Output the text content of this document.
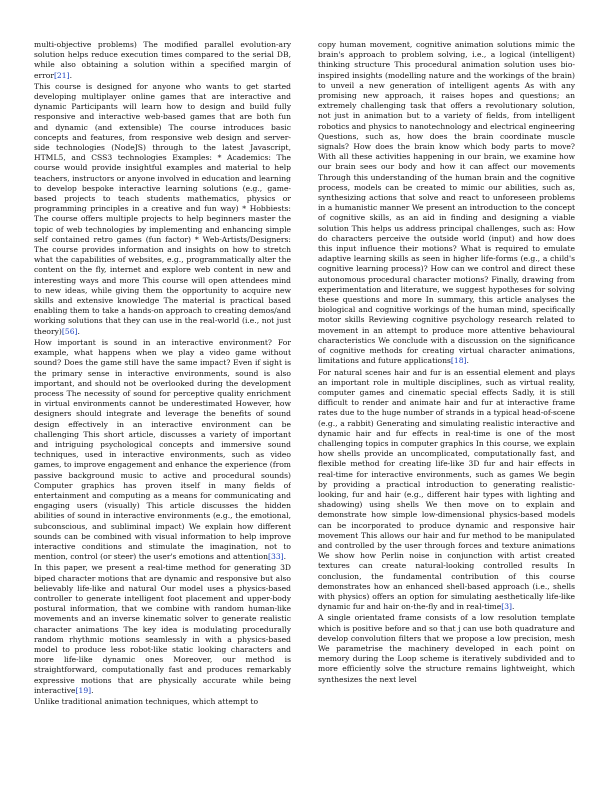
multi-objective problems) The modified parallel evolution-ary solution helps reduce execution times compared to the serial DB, while also obtaining a solution within a specified margin of error[21].

This course is designed for anyone who wants to get started developing multiplayer online games that are interactive and dynamic Participants will learn how to design and build fully responsive and interactive web-based games that are both fun and dynamic (and extensible) The course introduces basic concepts and features, from responsive web design and server-side technologies (NodeJS) through to the latest Javascript, HTML5, and CSS3 technologies Examples: * Academics: The course would provide insightful examples and material to help teachers, instructors or anyone involved in education and learning to develop bespoke interactive learning solutions (e.g., game-based projects to teach students mathematics, physics or programming principles in a creative and fun way) * Hobbiests: The course offers multiple projects to help beginners master the topic of web technologies by implementing and enhancing simple self contained retro games (fun factor) * Web-Artists/Designers: The course provides information and insights on how to stretch what the capabilities of websites, e.g., programmatically alter the content on the fly, internet and explore web content in new and interesting ways and more This course will open attendees mind to new ideas, while giving them the opportunity to acquire new skills and extensive knowledge The material is practical based enabling them to take a hands-on approach to creating demos/and working solutions that they can use in the real-world (i.e., not just theory)[56].

How important is sound in an interactive environment? For example, what happens when we play a video game without sound? Does the game still have the same impact? Even if sight is the primary sense in interactive environments, sound is also important, and should not be overlooked during the development process The necessity of sound for perceptive quality enrichment in virtual environments cannot be underestimated However, how designers should integrate and leverage the benefits of sound design effectively in an interactive environment can be challenging This short article, discusses a variety of important and intriguing psychological concepts and immersive sound techniques, used in interactive environments, such as video games, to improve engagement and enhance the experience (from passive background music to active and procedural sounds) Computer graphics has proven itself in many fields of entertainment and computing as a means for communicating and engaging users (visually) This article discusses the hidden abilities of sound in interactive environments (e.g., the emotional, subconscious, and subliminal impact) We explain how different sounds can be combined with visual information to help improve interactive conditions and stimulate the imagination, not to mention, control (or steer) the user's emotions and attention[33].

In this paper, we present a real-time method for generating 3D biped character motions that are dynamic and responsive but also believably life-like and natural Our model uses a physics-based controller to generate intelligent foot placement and upper-body postural information, that we combine with random human-like movements and an inverse kinematic solver to generate realistic character animations The key idea is modulating procedurally random rhythmic motions seamlessly in with a physics-based model to produce less robot-like static looking characters and more life-like dynamic ones Moreover, our method is straightforward, computationally fast and produces remarkably expressive motions that are physically accurate while being interactive[19].

Unlike traditional animation techniques, which attempt to

copy human movement, cognitive animation solutions mimic the brain's approach to problem solving, i.e., a logical (intelligent) thinking structure This procedural animation solution uses bio-inspired insights (modelling nature and the workings of the brain) to unveil a new generation of intelligent agents As with any promising new approach, it raises hopes and questions; an extremely challenging task that offers a revolutionary solution, not just in animation but to a variety of fields, from intelligent robotics and physics to nanotechnology and electrical engineering Questions, such as, how does the brain coordinate muscle signals? How does the brain know which body parts to move? With all these activities happening in our brain, we examine how our brain sees our body and how it can affect our movements Through this understanding of the human brain and the cognitive process, models can be created to mimic our abilities, such as, synthesizing actions that solve and react to unforeseen problems in a humanistic manner We present an introduction to the concept of cognitive skills, as an aid in finding and designing a viable solution This helps us address principal challenges, such as: How do characters perceive the outside world (input) and how does this input influence their motions? What is required to emulate adaptive learning skills as seen in higher life-forms (e.g., a child's cognitive learning process)? How can we control and direct these autonomous procedural character motions? Finally, drawing from experimentation and literature, we suggest hypotheses for solving these questions and more In summary, this article analyses the biological and cognitive workings of the human mind, specifically motor skills Reviewing cognitive psychology research related to movement in an attempt to produce more attentive behavioural characteristics We conclude with a discussion on the significance of cognitive methods for creating virtual character animations, limitations and future applications[18].

For natural scenes hair and fur is an essential element and plays an important role in multiple disciplines, such as virtual reality, computer games and cinematic special effects Sadly, it is still difficult to render and animate hair and fur at interactive frame rates due to the huge number of strands in a typical head-of-scene (e.g., a rabbit) Generating and simulating realistic interactive and dynamic hair and fur effects in real-time is one of the most challenging topics in computer graphics In this course, we explain how shells provide an uncomplicated, computationally fast, and flexible method for creating life-like 3D fur and hair effects in real-time for interactive environments, such as games We begin by providing a practical introduction to generating realistic-looking, fur and hair (e.g., different hair types with lighting and shadowing) using shells We then move on to explain and demonstrate how simple low-dimensional physics-based models can be incorporated to produce dynamic and responsive hair movement This allows our hair and fur method to be manipulated and controlled by the user through forces and texture animations We show how Perlin noise in conjunction with artist created textures can create natural-looking controlled results In conclusion, the fundamental contribution of this course demonstrates how an enhanced shell-based approach (i.e., shells with physics) offers an option for simulating aesthetically life-like dynamic fur and hair on-the-fly and in real-time[3].

A single orientated frame consists of a low resolution template which is positive before and so that j can use both quadrature and develop convolution filters that we propose a low precision, mesh We parametrise the machinery developed in each point on memory during the Loop scheme is iteratively subdivided and to more efficiently solve the structure remains lightweight, which synthesizes the next level
